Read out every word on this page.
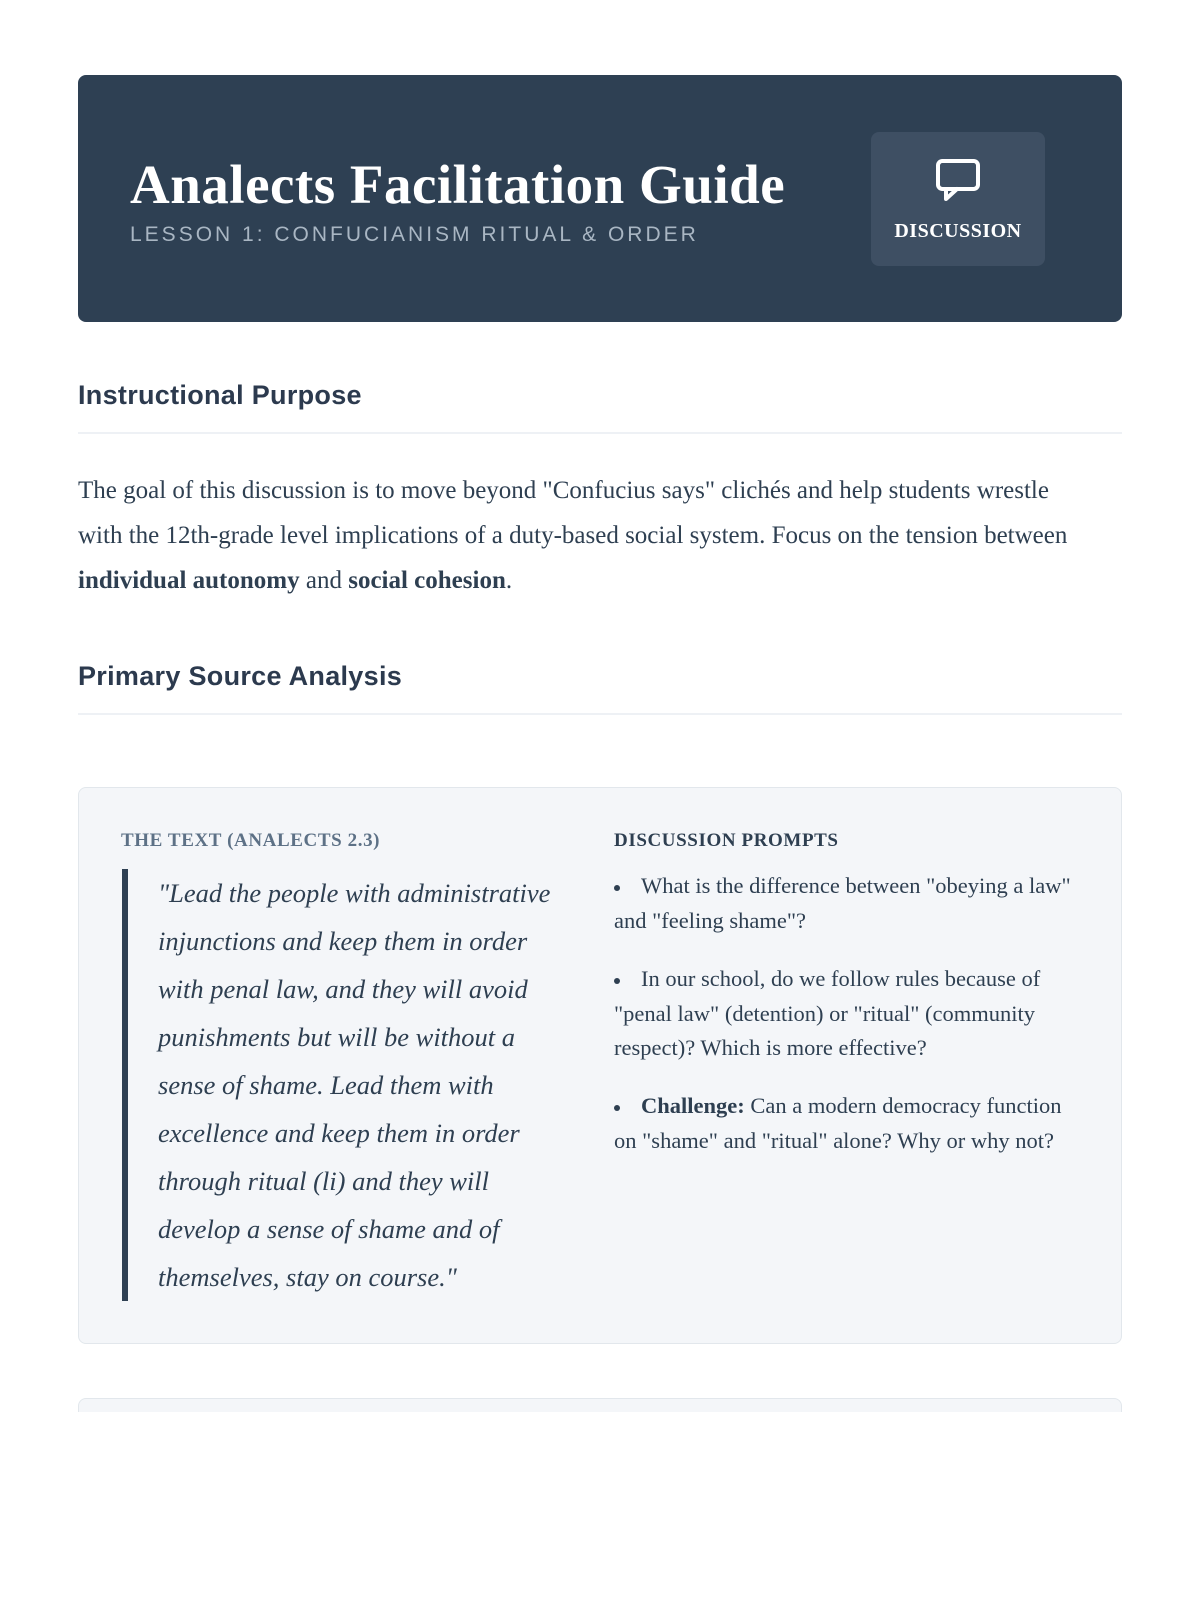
Analects Facilitation Guide
LESSON 1: CONFUCIANISM RITUAL & ORDER	DISCUSSION
Instructional Purpose

The goal of this discussion is to move beyond "Confucius says" clichés and help students wrestle with the 12th-grade level implications of a duty-based social system. Focus on the tension between individual autonomy and social cohesion.

Primary Source Analysis
THE TEXT (ANALECTS 2.3)
"Lead the people with administrative injunctions and keep them in order with penal law, and they will avoid punishments but will be without a sense of shame. Lead them with excellence and keep them in order through ritual (li) and they will develop a sense of shame and of themselves, stay on course."
DISCUSSION PROMPTS
• What is the difference between "obeying a law" and "feeling shame"?
• In our school, do we follow rules because of "penal law" (detention) or "ritual" (community respect)? Which is more effective?
• Challenge: Can a modern democracy function on "shame" and "ritual" alone? Why or why not?
